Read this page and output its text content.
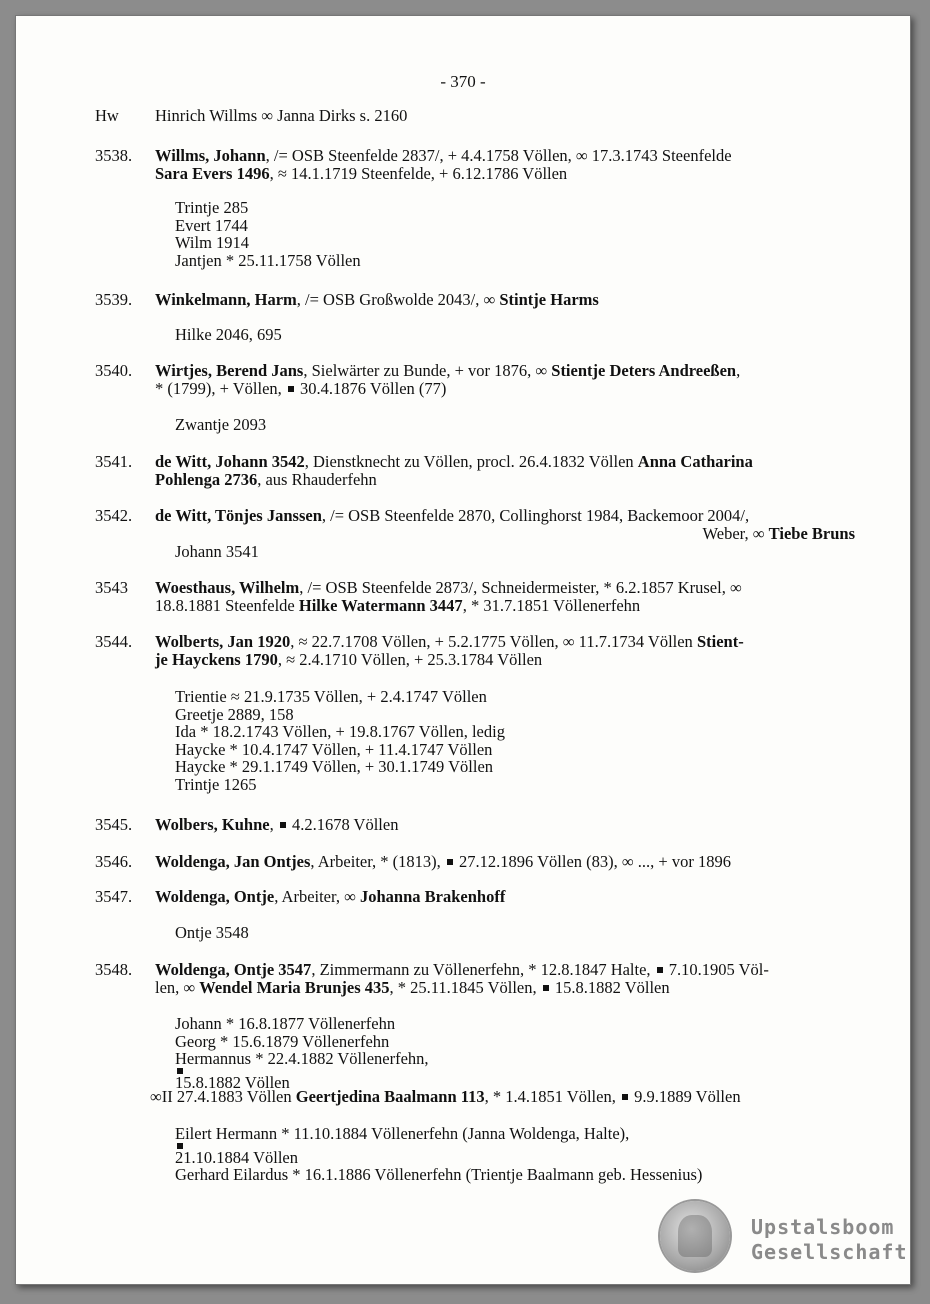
- 370 -
Hw	Hinrich Willms ∞ Janna Dirks s. 2160
3538.	Willms, Johann, /= OSB Steenfelde 2837/, + 4.4.1758 Völlen, ∞ 17.3.1743 Steenfelde
Sara Evers 1496, ≈ 14.1.1719 Steenfelde, + 6.12.1786 Völlen
Trintje 285
Evert 1744
Wilm 1914
Jantjen * 25.11.1758 Völlen
3539.	Winkelmann, Harm, /= OSB Großwolde 2043/, ∞ Stintje Harms
Hilke 2046, 695
3540.	Wirtjes, Berend Jans, Sielwärter zu Bunde, + vor 1876, ∞ Stientje Deters Andreeßen,
* (1799), + Völlen,  30.4.1876 Völlen (77)
Zwantje 2093
3541.	de Witt, Johann 3542, Dienstknecht zu Völlen, procl. 26.4.1832 Völlen Anna Catharina
Pohlenga 2736, aus Rhauderfehn
3542.	de Witt, Tönjes Janssen, /= OSB Steenfelde 2870, Collinghorst 1984, Backemoor 2004/,
Weber, ∞ Tiebe Bruns
Johann 3541
3543	Woesthaus, Wilhelm, /= OSB Steenfelde 2873/, Schneidermeister, * 6.2.1857 Krusel, ∞
18.8.1881 Steenfelde Hilke Watermann 3447, * 31.7.1851 Völlenerfehn
3544.	Wolberts, Jan 1920, ≈ 22.7.1708 Völlen, + 5.2.1775 Völlen, ∞ 11.7.1734 Völlen Stient-
je Hayckens 1790, ≈ 2.4.1710 Völlen, + 25.3.1784 Völlen
Trientie ≈ 21.9.1735 Völlen, + 2.4.1747 Völlen
Greetje 2889, 158
Ida * 18.2.1743 Völlen, + 19.8.1767 Völlen, ledig
Haycke * 10.4.1747 Völlen, + 11.4.1747 Völlen
Haycke * 29.1.1749 Völlen, + 30.1.1749 Völlen
Trintje 1265
3545.	Wolbers, Kuhne,  4.2.1678 Völlen
3546.	Woldenga, Jan Ontjes, Arbeiter, * (1813),  27.12.1896 Völlen (83), ∞ ..., + vor 1896
3547.	Woldenga, Ontje, Arbeiter, ∞ Johanna Brakenhoff
Ontje 3548
3548.	Woldenga, Ontje 3547, Zimmermann zu Völlenerfehn, * 12.8.1847 Halte,  7.10.1905 Völ-
len, ∞ Wendel Maria Brunjes 435, * 25.11.1845 Völlen,  15.8.1882 Völlen
Johann * 16.8.1877 Völlenerfehn
Georg * 15.6.1879 Völlenerfehn
Hermannus * 22.4.1882 Völlenerfehn,
15.8.1882 Völlen
∞II 27.4.1883 Völlen Geertjedina Baalmann 113, * 1.4.1851 Völlen,  9.9.1889 Völlen
Eilert Hermann * 11.10.1884 Völlenerfehn (Janna Woldenga, Halte),
21.10.1884 Völlen
Gerhard Eilardus * 16.1.1886 Völlenerfehn (Trientje Baalmann geb. Hessenius)
Upstalsboom
Gesellschaft
